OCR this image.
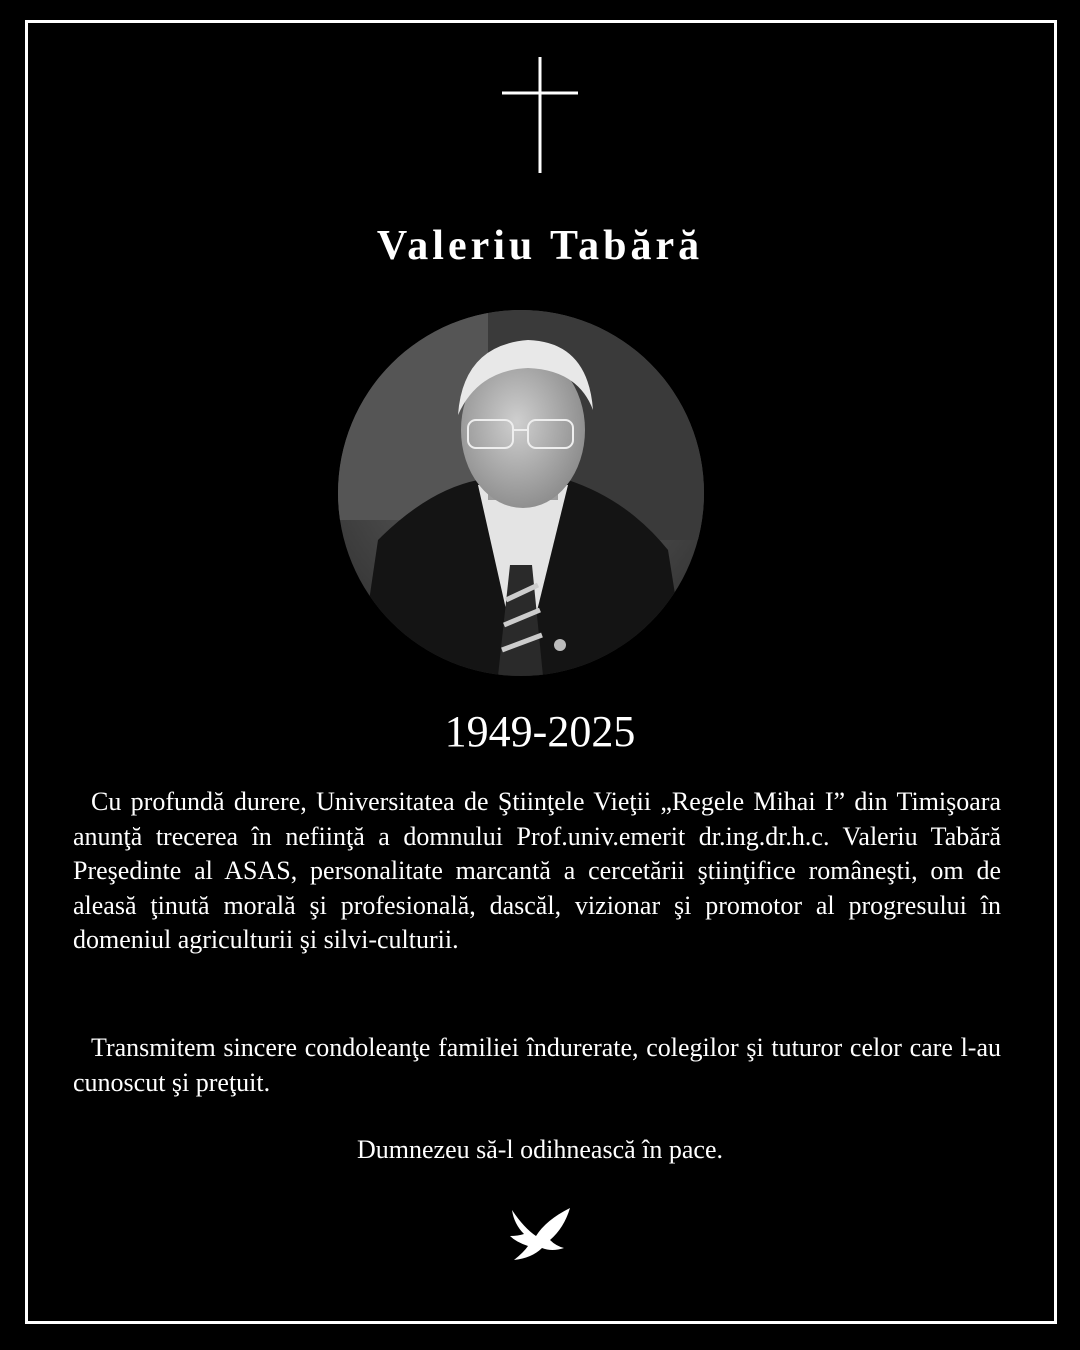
Valeriu Tabără
1949-2025

Cu profundă durere, Universitatea de Ştiinţele Vieţii „Regele Mihai I” din Timişoara anunţă trecerea în nefiinţă a domnului Prof.univ.emerit dr.ing.dr.h.c. Valeriu Tabără Preşedinte al ASAS, personalitate marcantă a cercetării ştiinţifice româneşti, om de aleasă ţinută morală şi profesională, dascăl, vizionar şi promotor al progresului în domeniul agriculturii şi silvi-culturii.

Transmitem sincere condoleanţe familiei îndurerate, colegilor şi tuturor celor care l-au cunoscut şi preţuit.

Dumnezeu să-l odihnească în pace.
